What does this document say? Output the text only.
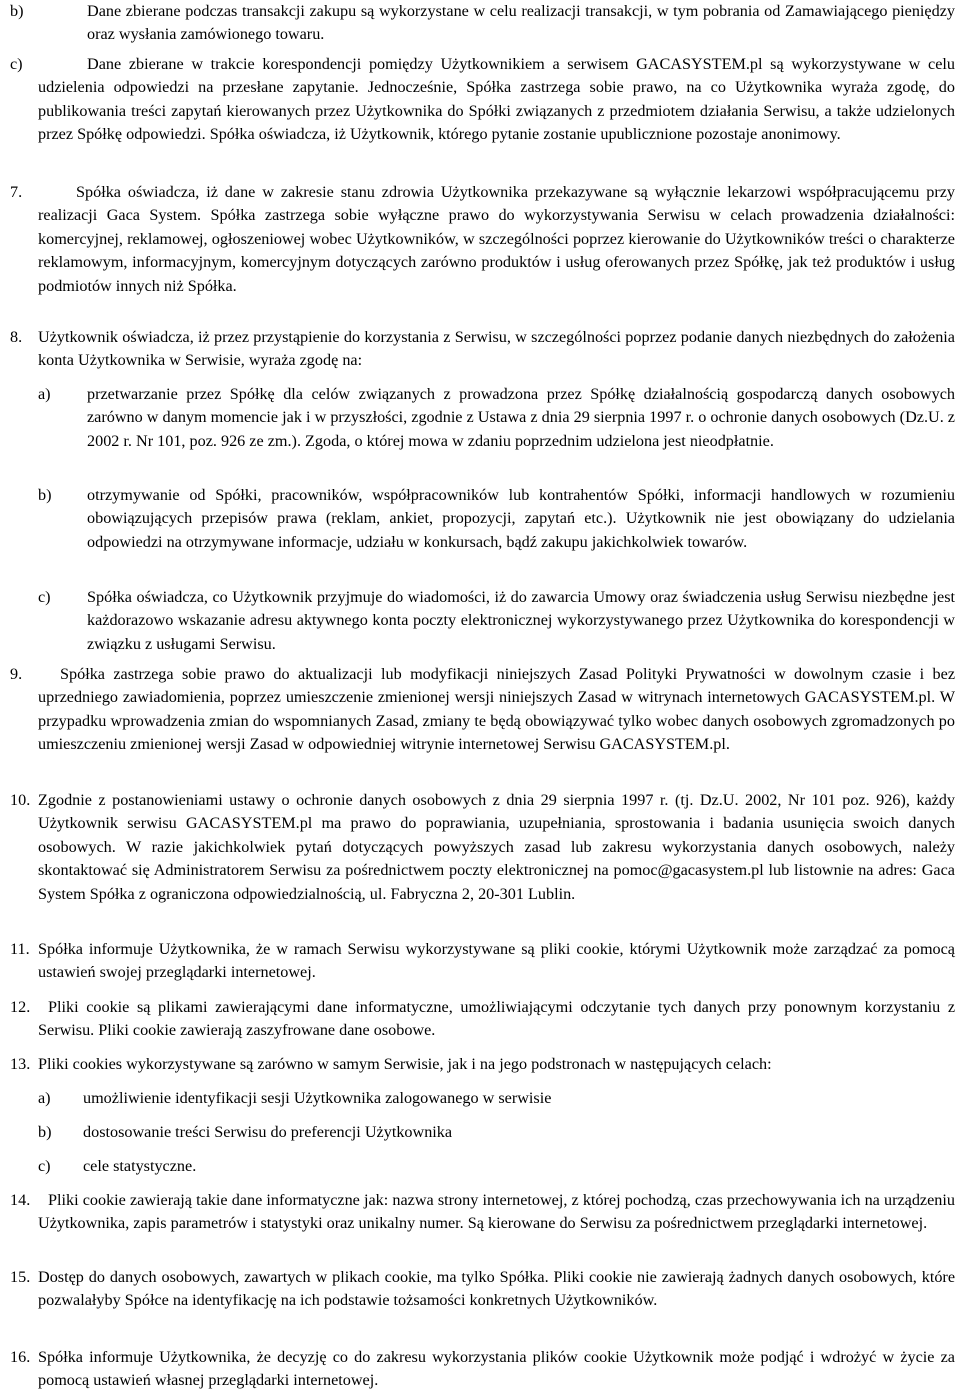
b)	Dane zbierane podczas transakcji zakupu są wykorzystane w celu realizacji transakcji, w tym pobrania od Zamawiającego pieniędzy oraz wysłania zamówionego towaru.
c)	Dane zbierane w trakcie korespondencji pomiędzy Użytkownikiem a serwisem GACASYSTEM.pl są wykorzystywane w celu udzielenia odpowiedzi na przesłane zapytanie. Jednocześnie, Spółka zastrzega sobie prawo, na co Użytkownika wyraża zgodę, do publikowania treści zapytań kierowanych przez Użytkownika do Spółki związanych z przedmiotem działania Serwisu, a także udzielonych przez Spółkę odpowiedzi. Spółka oświadcza, iż Użytkownik, którego pytanie zostanie upublicznione pozostaje anonimowy.
7.	Spółka oświadcza, iż dane w zakresie stanu zdrowia Użytkownika przekazywane są wyłącznie lekarzowi współpracującemu przy realizacji Gaca System. Spółka zastrzega sobie wyłączne prawo do wykorzystywania Serwisu w celach prowadzenia działalności: komercyjnej, reklamowej, ogłoszeniowej wobec Użytkowników, w szczególności poprzez kierowanie do Użytkowników treści o charakterze reklamowym, informacyjnym, komercyjnym dotyczących zarówno produktów i usług oferowanych przez Spółkę, jak też produktów i usług podmiotów innych niż Spółka.
8. Użytkownik oświadcza, iż przez przystąpienie do korzystania z Serwisu, w szczególności poprzez podanie danych niezbędnych do założenia konta Użytkownika w Serwisie, wyraża zgodę na:
a) przetwarzanie przez Spółkę dla celów związanych z prowadzona przez Spółkę działalnością gospodarczą danych osobowych zarówno w danym momencie jak i w przyszłości, zgodnie z Ustawa z dnia 29 sierpnia 1997 r. o ochronie danych osobowych (Dz.U. z 2002 r. Nr 101, poz. 926 ze zm.). Zgoda, o której mowa w zdaniu poprzednim udzielona jest nieodpłatnie.
b) otrzymywanie od Spółki, pracowników, współpracowników lub kontrahentów Spółki, informacji handlowych w rozumieniu obowiązujących przepisów prawa (reklam, ankiet, propozycji, zapytań etc.). Użytkownik nie jest obowiązany do udzielania odpowiedzi na otrzymywane informacje, udziału w konkursach, bądź zakupu jakichkolwiek towarów.
c) Spółka oświadcza, co Użytkownik przyjmuje do wiadomości, iż do zawarcia Umowy oraz świadczenia usług Serwisu niezbędne jest każdorazowo wskazanie adresu aktywnego konta poczty elektronicznej wykorzystywanego przez Użytkownika do korespondencji w związku z usługami Serwisu.
9.	Spółka zastrzega sobie prawo do aktualizacji lub modyfikacji niniejszych Zasad Polityki Prywatności w dowolnym czasie i bez uprzedniego zawiadomienia, poprzez umieszczenie zmienionej wersji niniejszych Zasad w witrynach internetowych GACASYSTEM.pl. W przypadku wprowadzenia zmian do wspomnianych Zasad, zmiany te będą obowiązywać tylko wobec danych osobowych zgromadzonych po umieszczeniu zmienionej wersji Zasad w odpowiedniej witrynie internetowej Serwisu GACASYSTEM.pl.
10. Zgodnie z postanowieniami ustawy o ochronie danych osobowych z dnia 29 sierpnia 1997 r. (tj. Dz.U. 2002, Nr 101 poz. 926), każdy Użytkownik serwisu GACASYSTEM.pl ma prawo do poprawiania, uzupełniania, sprostowania i badania usunięcia swoich danych osobowych. W razie jakichkolwiek pytań dotyczących powyższych zasad lub zakresu wykorzystania danych osobowych, należy skontaktować się Administratorem Serwisu za pośrednictwem poczty elektronicznej na pomoc@gacasystem.pl lub listownie na adres: Gaca System Spółka z ograniczona odpowiedzialnością, ul. Fabryczna 2, 20-301 Lublin.
11. Spółka informuje Użytkownika, że w ramach Serwisu wykorzystywane są pliki cookie, którymi Użytkownik może zarządzać za pomocą ustawień swojej przeglądarki internetowej.
12.	Pliki cookie są plikami zawierającymi dane informatyczne, umożliwiającymi odczytanie tych danych przy ponownym korzystaniu z Serwisu. Pliki cookie zawierają zaszyfrowane dane osobowe.
13. Pliki cookies wykorzystywane są zarówno w samym Serwisie, jak i na jego podstronach w następujących celach:
a) umożliwienie identyfikacji sesji Użytkownika zalogowanego w serwisie
b) dostosowanie treści Serwisu do preferencji Użytkownika
c) cele statystyczne.
14.	Pliki cookie zawierają takie dane informatyczne jak: nazwa strony internetowej, z której pochodzą, czas przechowywania ich na urządzeniu Użytkownika, zapis parametrów i statystyki oraz unikalny numer. Są kierowane do Serwisu za pośrednictwem przeglądarki internetowej.
15. Dostęp do danych osobowych, zawartych w plikach cookie, ma tylko Spółka. Pliki cookie nie zawierają żadnych danych osobowych, które pozwalałyby Spółce na identyfikację na ich podstawie tożsamości konkretnych Użytkowników.
16. Spółka informuje Użytkownika, że decyzję co do zakresu wykorzystania plików cookie Użytkownik może podjąć i wdrożyć w życie za pomocą ustawień własnej przeglądarki internetowej.
